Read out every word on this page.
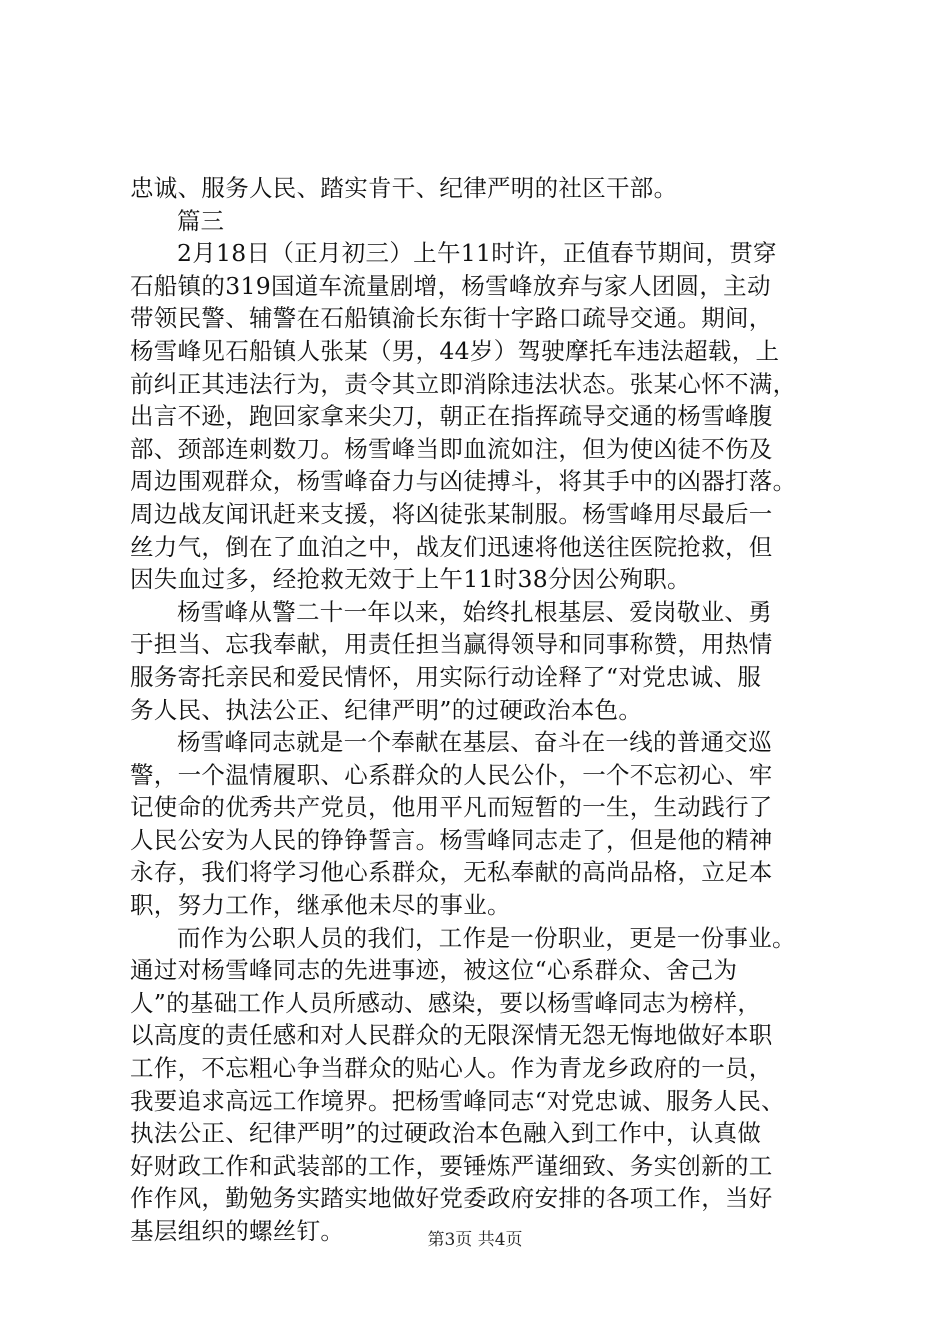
忠诚、服务人民、踏实肯干、纪律严明的社区干部。

篇三

2月18日（正月初三）上午11时许，正值春节期间，贯穿
石船镇的319国道车流量剧增，杨雪峰放弃与家人团圆，主动
带领民警、辅警在石船镇渝长东街十字路口疏导交通。期间，
杨雪峰见石船镇人张某（男，44岁）驾驶摩托车违法超载，上
前纠正其违法行为，责令其立即消除违法状态。张某心怀不满，
出言不逊，跑回家拿来尖刀，朝正在指挥疏导交通的杨雪峰腹
部、颈部连刺数刀。杨雪峰当即血流如注，但为使凶徒不伤及
周边围观群众，杨雪峰奋力与凶徒搏斗，将其手中的凶器打落。
周边战友闻讯赶来支援，将凶徒张某制服。杨雪峰用尽最后一
丝力气，倒在了血泊之中，战友们迅速将他送往医院抢救，但
因失血过多，经抢救无效于上午11时38分因公殉职。

杨雪峰从警二十一年以来，始终扎根基层、爱岗敬业、勇
于担当、忘我奉献，用责任担当赢得领导和同事称赞，用热情
服务寄托亲民和爱民情怀，用实际行动诠释了“对党忠诚、服
务人民、执法公正、纪律严明”的过硬政治本色。

杨雪峰同志就是一个奉献在基层、奋斗在一线的普通交巡
警，一个温情履职、心系群众的人民公仆，一个不忘初心、牢
记使命的优秀共产党员，他用平凡而短暂的一生，生动践行了
人民公安为人民的铮铮誓言。杨雪峰同志走了，但是他的精神
永存，我们将学习他心系群众，无私奉献的高尚品格，立足本
职，努力工作，继承他未尽的事业。

而作为公职人员的我们，工作是一份职业，更是一份事业。
通过对杨雪峰同志的先进事迹，被这位“心系群众、舍己为
人”的基础工作人员所感动、感染，要以杨雪峰同志为榜样，
以高度的责任感和对人民群众的无限深情无怨无悔地做好本职
工作，不忘粗心争当群众的贴心人。作为青龙乡政府的一员，
我要追求高远工作境界。把杨雪峰同志“对党忠诚、服务人民、
执法公正、纪律严明”的过硬政治本色融入到工作中，认真做
好财政工作和武装部的工作，要锤炼严谨细致、务实创新的工
作作风，勤勉务实踏实地做好党委政府安排的各项工作，当好
基层组织的螺丝钉。	第3页 共4页
